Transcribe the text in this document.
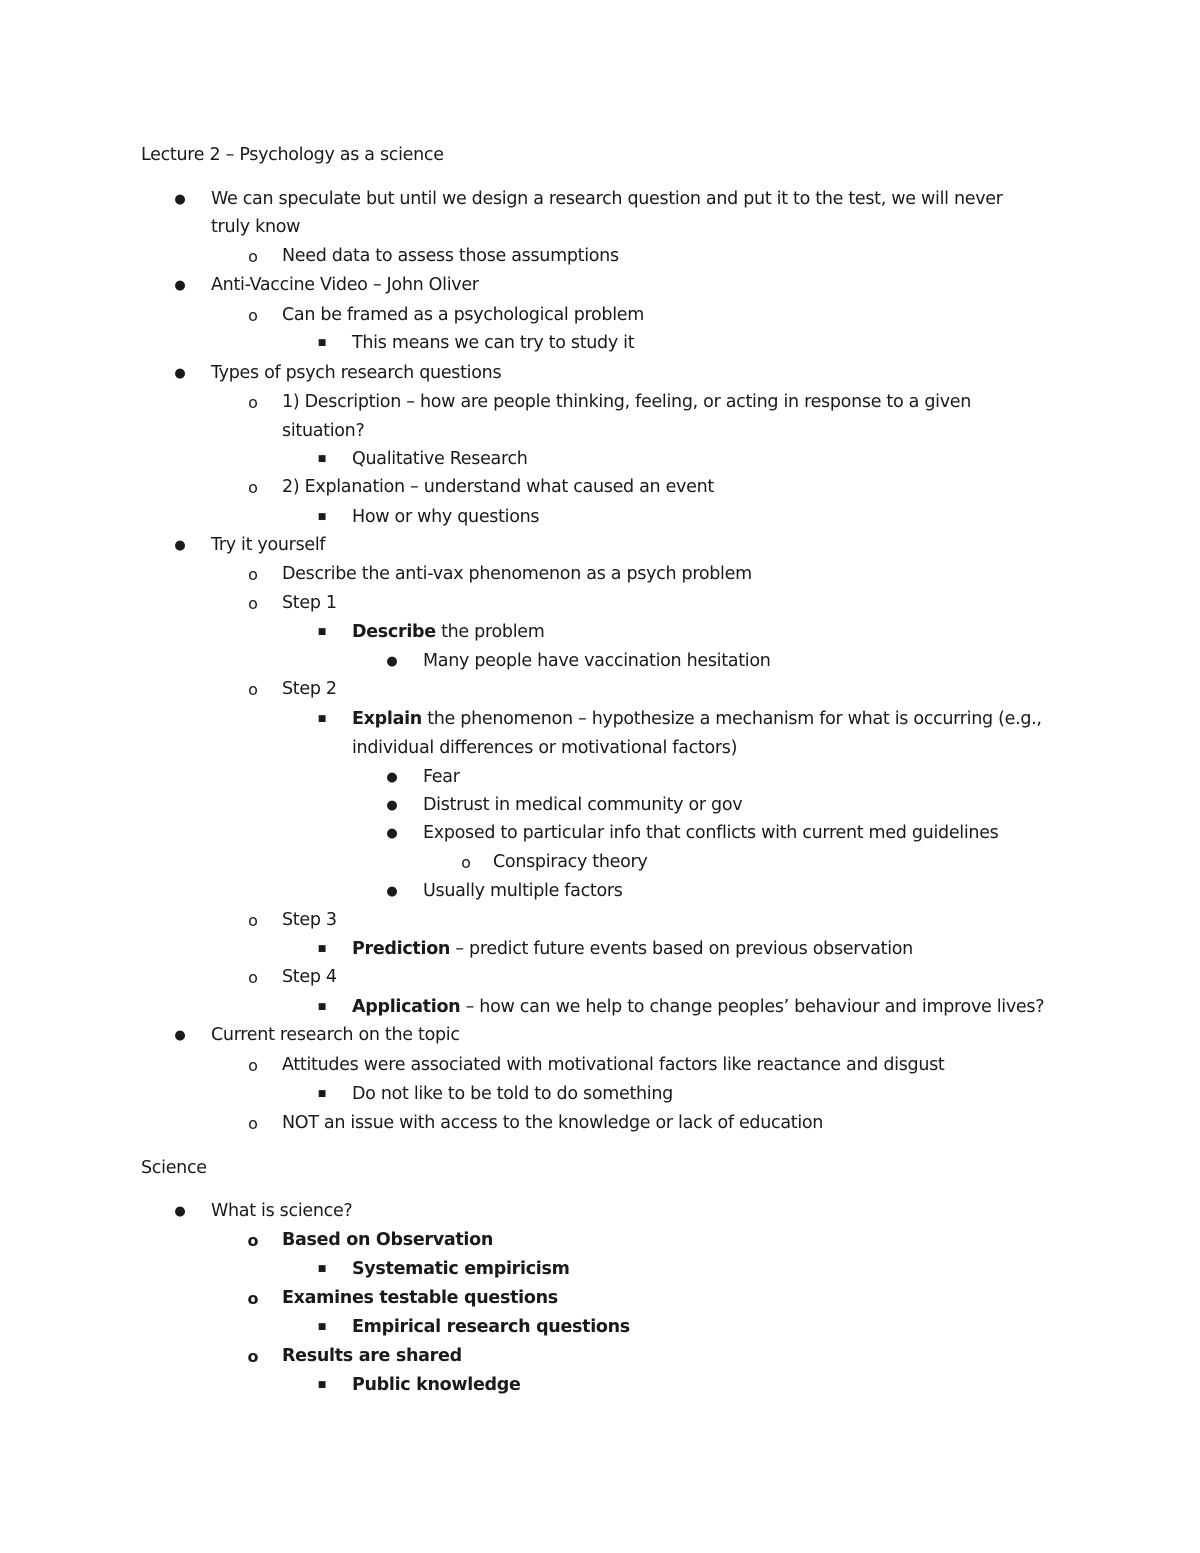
Lecture 2 – Psychology as a science
● We can speculate but until we design a research question and put it to the test, we will never
truly know
o Need data to assess those assumptions
● Anti-Vaccine Video – John Oliver
o Can be framed as a psychological problem
■	This means we can try to study it
● Types of psych research questions
o 1) Description – how are people thinking, feeling, or acting in response to a given
situation?
■	Qualitative Research
o 2) Explanation – understand what caused an event
■	How or why questions
● Try it yourself
o Describe the anti-vax phenomenon as a psych problem
o Step 1
■	Describe the problem
● Many people have vaccination hesitation
o Step 2
■	Explain the phenomenon – hypothesize a mechanism for what is occurring (e.g.,
individual differences or motivational factors)
● Fear
● Distrust in medical community or gov
● Exposed to particular info that conflicts with current med guidelines
o Conspiracy theory
● Usually multiple factors
o Step 3
■	Prediction – predict future events based on previous observation
o Step 4
■	Application – how can we help to change peoples’ behaviour and improve lives?
● Current research on the topic
o Attitudes were associated with motivational factors like reactance and disgust
■	Do not like to be told to do something
o NOT an issue with access to the knowledge or lack of education
Science
● What is science?
o Based on Observation
■	Systematic empiricism
o Examines testable questions
■	Empirical research questions
o Results are shared
■	Public knowledge
